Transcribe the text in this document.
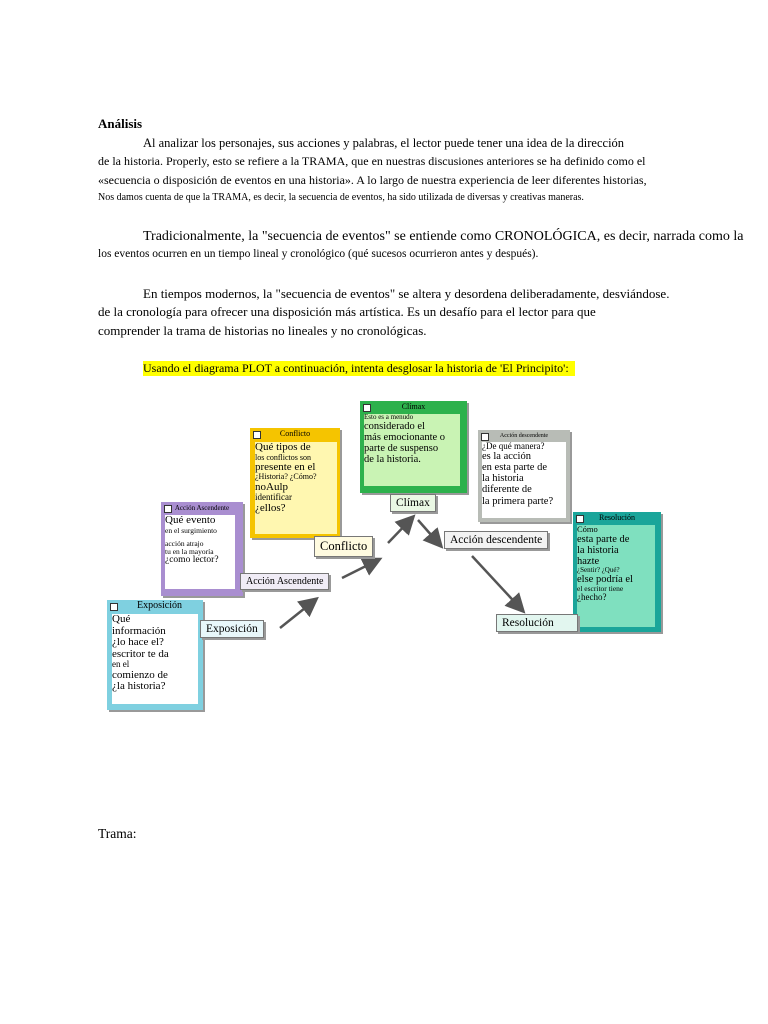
Análisis
Al analizar los personajes, sus acciones y palabras, el lector puede tener una idea de la dirección
de la historia. Properly, esto se refiere a la TRAMA, que en nuestras discusiones anteriores se ha definido como el
«secuencia o disposición de eventos en una historia». A lo largo de nuestra experiencia de leer diferentes historias,
Nos damos cuenta de que la TRAMA, es decir, la secuencia de eventos, ha sido utilizada de diversas y creativas maneras.
Tradicionalmente, la "secuencia de eventos" se entiende como CRONOLÓGICA, es decir, narrada como la
los eventos ocurren en un tiempo lineal y cronológico (qué sucesos ocurrieron antes y después).
En tiempos modernos, la "secuencia de eventos" se altera y desordena deliberadamente, desviándose.
de la cronología para ofrecer una disposición más artística. Es un desafío para el lector para que
comprender la trama de historias no lineales y no cronológicas.
Usando el diagrama PLOT a continuación, intenta desglosar la historia de 'El Principito':
Exposición
Qué
información
¿lo hace el?
escritor te da
en el
comienzo de
¿la historia?
Acción Ascendente
Qué evento
en el surgimiento
acción atrajo
tu en la mayoría
¿como lector?
Conflicto
Qué tipos de
los conflictos son
presente en el
¿Historia? ¿Cómo?
noAulp
identificar
¿ellos?
Clímax
Esto es a menudo
considerado el
más emocionante o
parte de suspenso
de la historia.
Acción descendente
¿De qué manera?
es la acción
en esta parte de
la historia
diferente de
la primera parte?
Resolución
Cómo
esta parte de
la historia
hazte
¿Sentir? ¿Qué?
else podría el
el escritor tiene
¿hecho?
Exposición
Acción Ascendente
Conflicto
Clímax
Acción descendente
Resolución
Trama:
